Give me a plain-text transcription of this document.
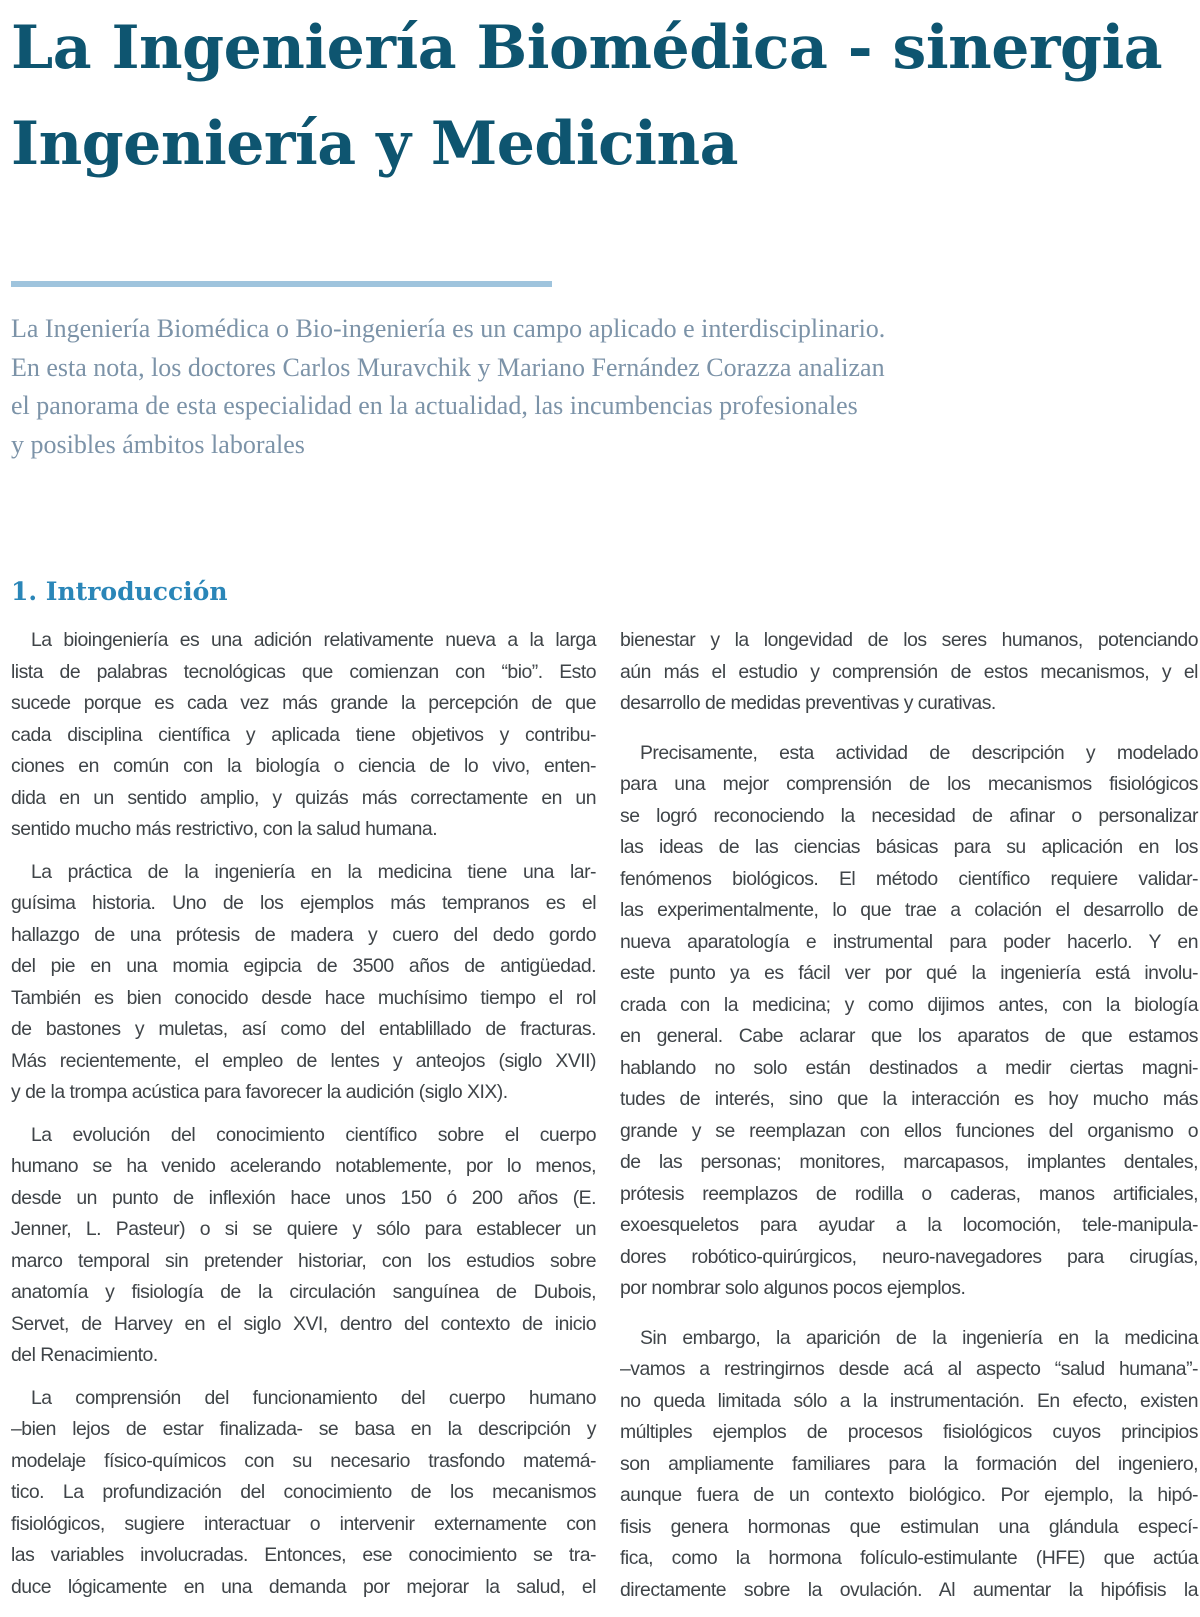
La Ingeniería Biomédica - sinergia
Ingeniería y Medicina

La Ingeniería Biomédica o Bio-ingeniería es un campo aplicado e interdisciplinario.
En esta nota, los doctores Carlos Muravchik y Mariano Fernández Corazza analizan
el panorama de esta especialidad en la actualidad, las incumbencias profesionales
y posibles ámbitos laborales

1. Introducción
La bioingeniería es una adición relativamente nueva a la larga
lista de palabras tecnológicas que comienzan con “bio”. Esto
sucede porque es cada vez más grande la percepción de que
cada disciplina científica y aplicada tiene objetivos y contribu-
ciones en común con la biología o ciencia de lo vivo, enten-
dida en un sentido amplio, y quizás más correctamente en un
sentido mucho más restrictivo, con la salud humana.
La práctica de la ingeniería en la medicina tiene una lar-
guísima historia. Uno de los ejemplos más tempranos es el
hallazgo de una prótesis de madera y cuero del dedo gordo
del pie en una momia egipcia de 3500 años de antigüedad.
También es bien conocido desde hace muchísimo tiempo el rol
de bastones y muletas, así como del entablillado de fracturas.
Más recientemente, el empleo de lentes y anteojos (siglo XVII)
y de la trompa acústica para favorecer la audición (siglo XIX).
La evolución del conocimiento científico sobre el cuerpo
humano se ha venido acelerando notablemente, por lo menos,
desde un punto de inflexión hace unos 150 ó 200 años (E.
Jenner, L. Pasteur) o si se quiere y sólo para establecer un
marco temporal sin pretender historiar, con los estudios sobre
anatomía y fisiología de la circulación sanguínea de Dubois,
Servet, de Harvey en el siglo XVI, dentro del contexto de inicio
del Renacimiento.
La comprensión del funcionamiento del cuerpo humano
–bien lejos de estar finalizada- se basa en la descripción y
modelaje físico-químicos con su necesario trasfondo matemá-
tico. La profundización del conocimiento de los mecanismos
fisiológicos, sugiere interactuar o intervenir externamente con
las variables involucradas. Entonces, ese conocimiento se tra-
duce lógicamente en una demanda por mejorar la salud, el
bienestar y la longevidad de los seres humanos, potenciando
aún más el estudio y comprensión de estos mecanismos, y el
desarrollo de medidas preventivas y curativas.
Precisamente, esta actividad de descripción y modelado
para una mejor comprensión de los mecanismos fisiológicos
se logró reconociendo la necesidad de afinar o personalizar
las ideas de las ciencias básicas para su aplicación en los
fenómenos biológicos. El método científico requiere validar-
las experimentalmente, lo que trae a colación el desarrollo de
nueva aparatología e instrumental para poder hacerlo. Y en
este punto ya es fácil ver por qué la ingeniería está involu-
crada con la medicina; y como dijimos antes, con la biología
en general. Cabe aclarar que los aparatos de que estamos
hablando no solo están destinados a medir ciertas magni-
tudes de interés, sino que la interacción es hoy mucho más
grande y se reemplazan con ellos funciones del organismo o
de las personas; monitores, marcapasos, implantes dentales,
prótesis reemplazos de rodilla o caderas, manos artificiales,
exoesqueletos para ayudar a la locomoción, tele-manipula-
dores robótico-quirúrgicos, neuro-navegadores para cirugías,
por nombrar solo algunos pocos ejemplos.
Sin embargo, la aparición de la ingeniería en la medicina
–vamos a restringirnos desde acá al aspecto “salud humana”-
no queda limitada sólo a la instrumentación. En efecto, existen
múltiples ejemplos de procesos fisiológicos cuyos principios
son ampliamente familiares para la formación del ingeniero,
aunque fuera de un contexto biológico. Por ejemplo, la hipó-
fisis genera hormonas que estimulan una glándula especí-
fica, como la hormona folículo-estimulante (HFE) que actúa
directamente sobre la ovulación. Al aumentar la hipófisis la
